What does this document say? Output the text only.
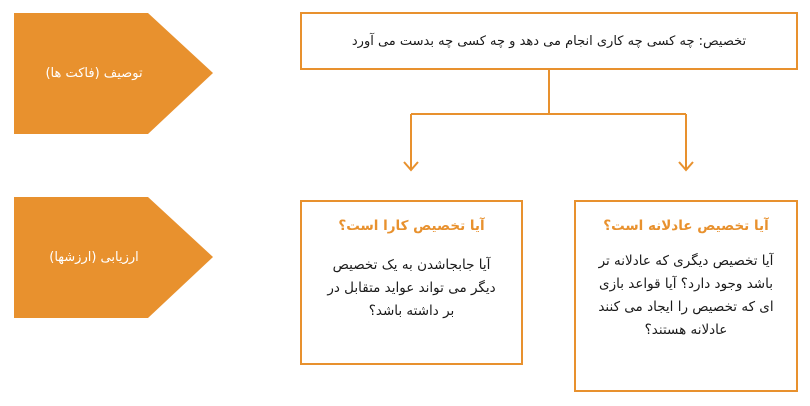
توصیف (فاکت ها)
ارزیابی (ارزشها)
تخصیص: چه کسی چه کاری انجام می دهد و چه کسی چه بدست می آورد
آیا تخصیص کارا است؟
آیا جابجاشدن به یک تخصیص دیگر می تواند عواید متقابل در بر داشته باشد؟
آیا تخصیص عادلانه است؟
آیا تخصیص دیگری که عادلانه تر باشد وجود دارد؟ آیا قواعد بازی ای که تخصیص را ایجاد می کنند عادلانه هستند؟
